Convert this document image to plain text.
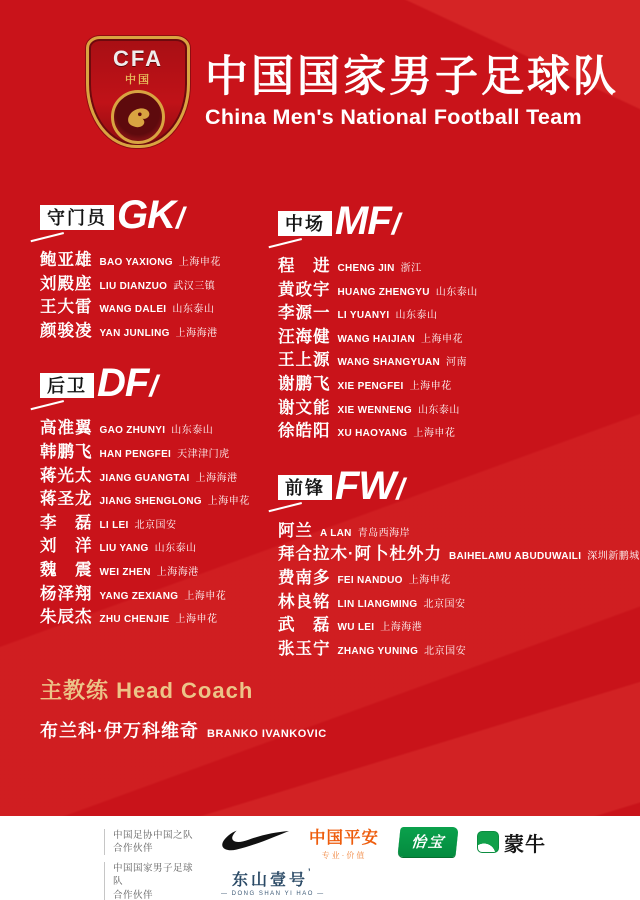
CFA
中国	中国国家男子足球队
China Men's National Football Team
守门员 GK /
鲍亚雄 BAO YAXIONG 上海申花
刘殿座 LIU DIANZUO 武汉三镇
王大雷 WANG DALEI 山东泰山
颜骏凌 YAN JUNLING 上海海港
后卫 DF /
高准翼 GAO ZHUNYI 山东泰山
韩鹏飞 HAN PENGFEI 天津津门虎
蒋光太 JIANG GUANGTAI 上海海港
蒋圣龙 JIANG SHENGLONG 上海申花
李　磊 LI LEI 北京国安
刘　洋 LIU YANG 山东泰山
魏　震 WEI ZHEN 上海海港
杨泽翔 YANG ZEXIANG 上海申花
朱辰杰 ZHU CHENJIE 上海申花
中场 MF /
程　进 CHENG JIN 浙江
黄政宇 HUANG ZHENGYU 山东泰山
李源一 LI YUANYI 山东泰山
汪海健 WANG HAIJIAN 上海申花
王上源 WANG SHANGYUAN 河南
谢鹏飞 XIE PENGFEI 上海申花
谢文能 XIE WENNENG 山东泰山
徐皓阳 XU HAOYANG 上海申花
前锋 FW /
阿兰 A LAN 青岛西海岸
拜合拉木·阿卜杜外力 BAIHELAMU ABUDUWAILI 深圳新鹏城
费南多 FEI NANDUO 上海申花
林良铭 LIN LIANGMING 北京国安
武　磊 WU LEI 上海海港
张玉宁 ZHANG YUNING 北京国安
主教练 Head Coach
布兰科·伊万科维奇 BRANKO IVANKOVIC
中国足协中国之队
合作伙伴
中国平安
专业·价值
怡宝	蒙牛
中国国家男子足球队
合作伙伴
东山壹号 ’
— DONG SHAN YI HAO —
